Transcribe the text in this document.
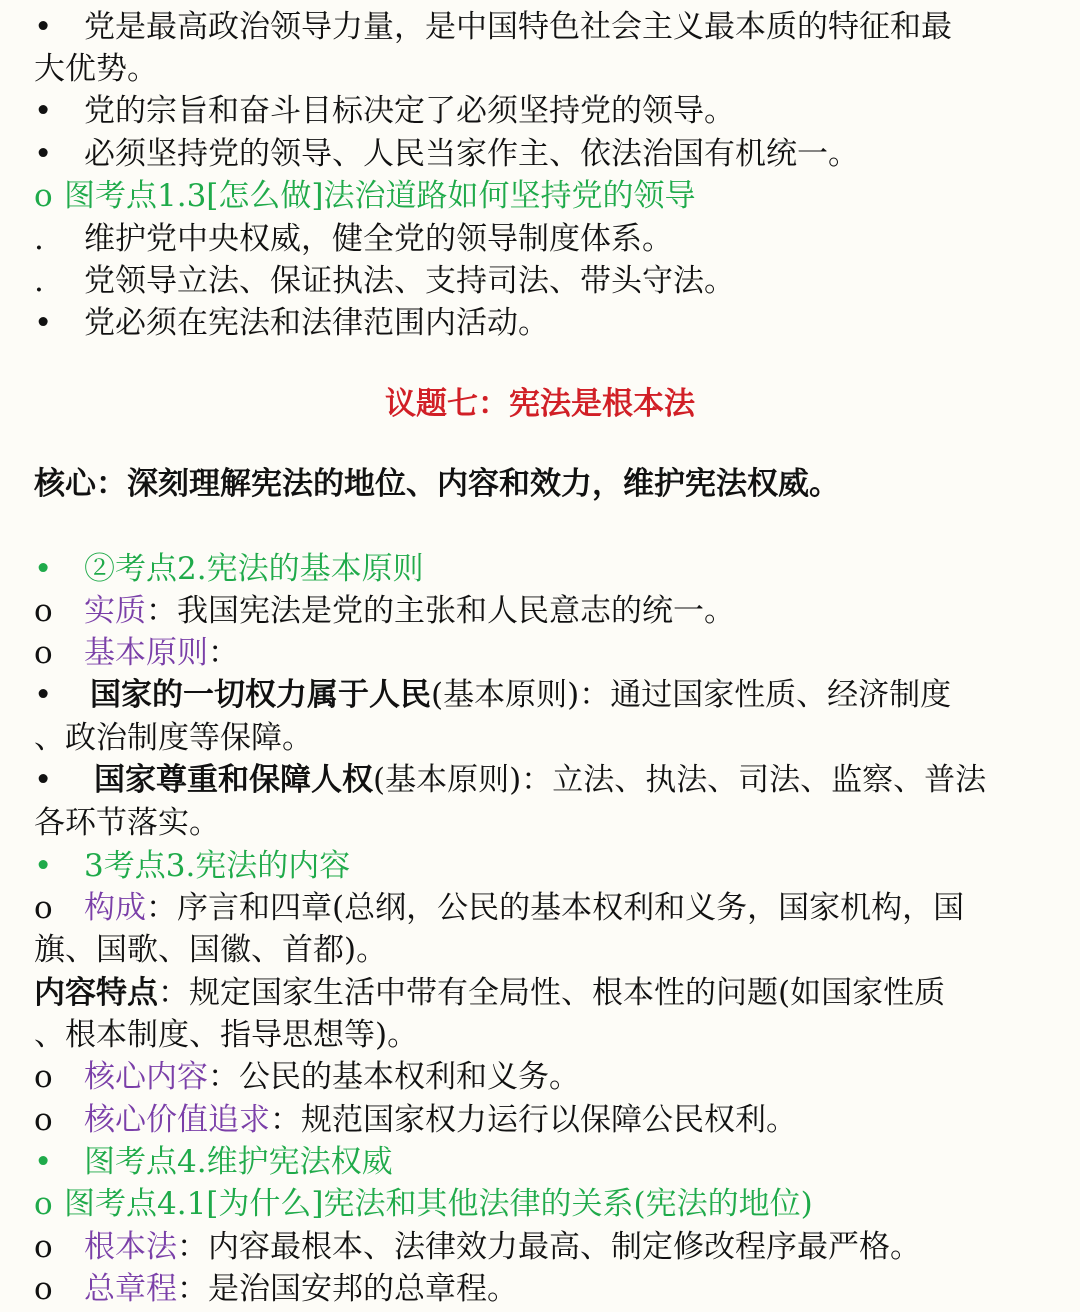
• 党是最高政治领导力量，是中国特色社会主义最本质的特征和最
大优势。
• 党的宗旨和奋斗目标决定了必须坚持党的领导。
• 必须坚持党的领导、人民当家作主、依法治国有机统一。
o 图考点1.3[怎么做]法治道路如何坚持党的领导
. 维护党中央权威，健全党的领导制度体系。
. 党领导立法、保证执法、支持司法、带头守法。
• 党必须在宪法和法律范围内活动。
议题七：宪法是根本法
核心：深刻理解宪法的地位、内容和效力，维护宪法权威。
• ②考点2.宪法的基本原则
o 实质：我国宪法是党的主张和人民意志的统一。
o 基本原则：
• 国家的一切权力属于人民(基本原则)：通过国家性质、经济制度
、政治制度等保障。
• 国家尊重和保障人权(基本原则)：立法、执法、司法、监察、普法
各环节落实。
• 3考点3.宪法的内容
o 构成：序言和四章(总纲，公民的基本权利和义务，国家机构，国
旗、国歌、国徽、首都)。
内容特点：规定国家生活中带有全局性、根本性的问题(如国家性质
、根本制度、指导思想等)。
o 核心内容：公民的基本权利和义务。
o 核心价值追求：规范国家权力运行以保障公民权利。
• 图考点4.维护宪法权威
o 图考点4.1[为什么]宪法和其他法律的关系(宪法的地位)
o 根本法：内容最根本、法律效力最高、制定修改程序最严格。
o 总章程：是治国安邦的总章程。
